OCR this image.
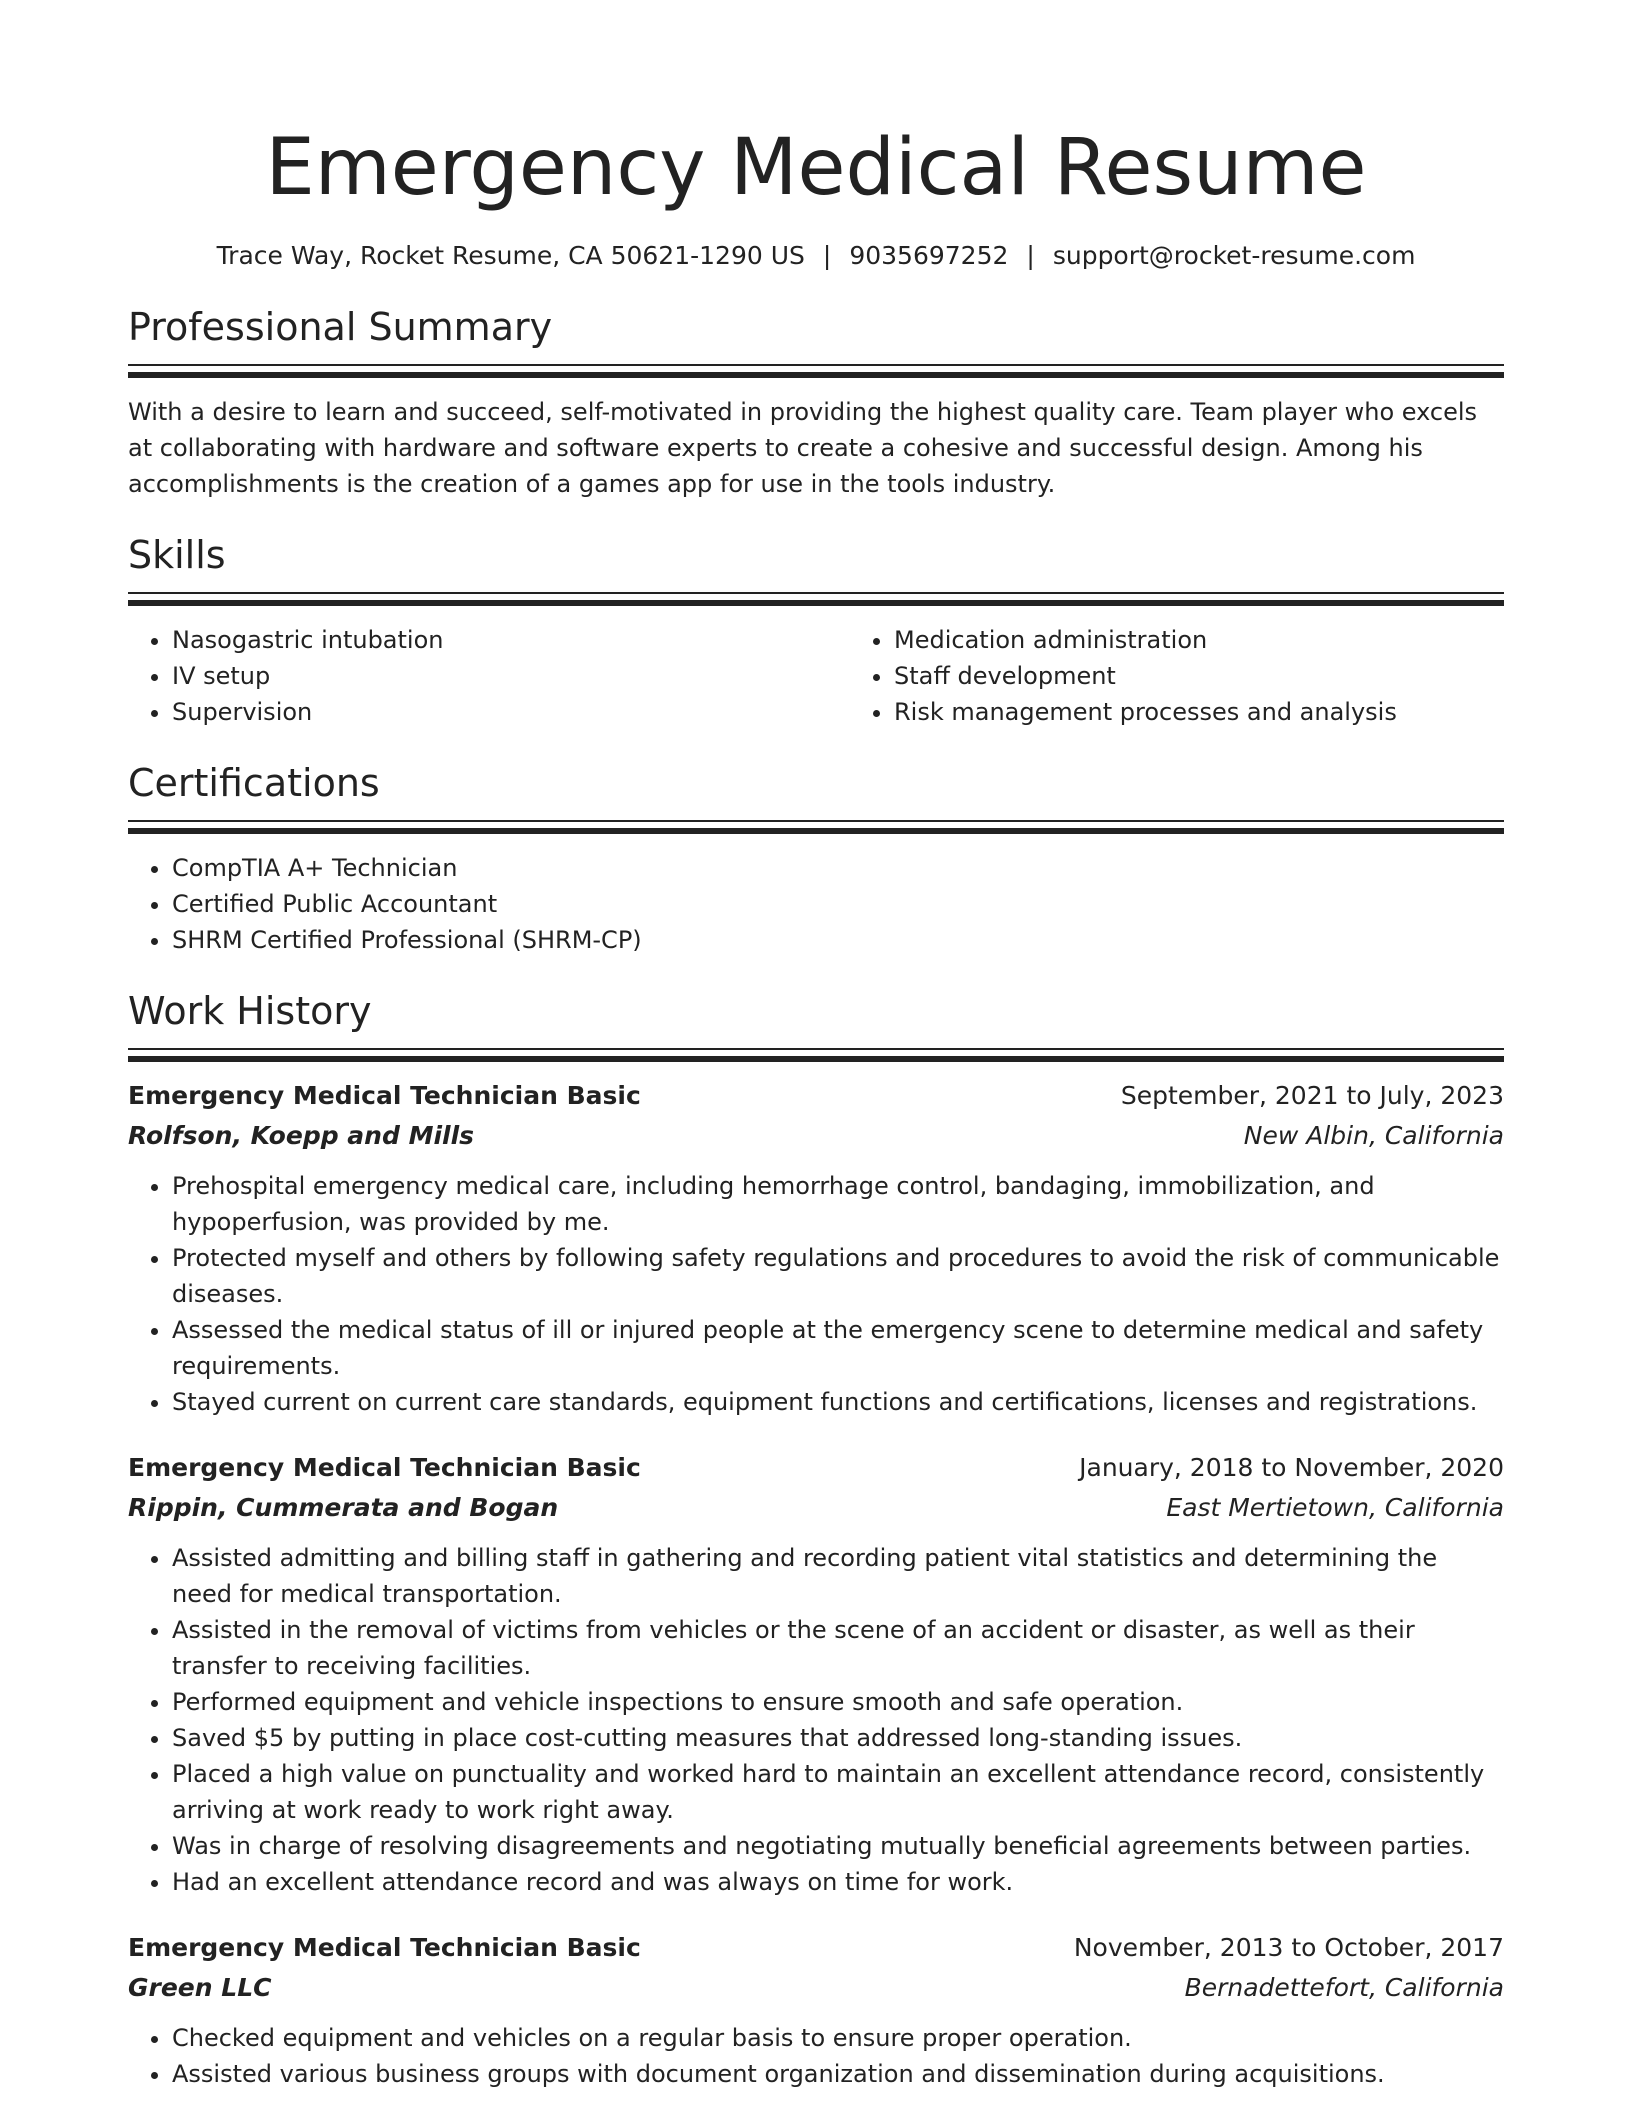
Emergency Medical Resume
Trace Way, Rocket Resume, CA 50621-1290 US | 9035697252 | support@rocket-resume.com
Professional Summary

With a desire to learn and succeed, self-motivated in providing the highest quality care. Team player who excels at collaborating with hardware and software experts to create a cohesive and successful design. Among his accomplishments is the creation of a games app for use in the tools industry.

Skills
• Nasogastric intubation
• IV setup
• Supervision
• Medication administration
• Staff development
• Risk management processes and analysis
Certifications
• CompTIA A+ Technician
• Certified Public Accountant
• SHRM Certified Professional (SHRM-CP)
Work History
Emergency Medical Technician Basic	September, 2021 to July, 2023
Rolfson, Koepp and Mills	New Albin, California
• Prehospital emergency medical care, including hemorrhage control, bandaging, immobilization, and hypoperfusion, was provided by me.
• Protected myself and others by following safety regulations and procedures to avoid the risk of communicable diseases.
• Assessed the medical status of ill or injured people at the emergency scene to determine medical and safety requirements.
• Stayed current on current care standards, equipment functions and certifications, licenses and registrations.
Emergency Medical Technician Basic	January, 2018 to November, 2020
Rippin, Cummerata and Bogan	East Mertietown, California
• Assisted admitting and billing staff in gathering and recording patient vital statistics and determining the need for medical transportation.
• Assisted in the removal of victims from vehicles or the scene of an accident or disaster, as well as their transfer to receiving facilities.
• Performed equipment and vehicle inspections to ensure smooth and safe operation.
• Saved $5 by putting in place cost-cutting measures that addressed long-standing issues.
• Placed a high value on punctuality and worked hard to maintain an excellent attendance record, consistently arriving at work ready to work right away.
• Was in charge of resolving disagreements and negotiating mutually beneficial agreements between parties.
• Had an excellent attendance record and was always on time for work.
Emergency Medical Technician Basic	November, 2013 to October, 2017
Green LLC	Bernadettefort, California
• Checked equipment and vehicles on a regular basis to ensure proper operation.
• Assisted various business groups with document organization and dissemination during acquisitions.
